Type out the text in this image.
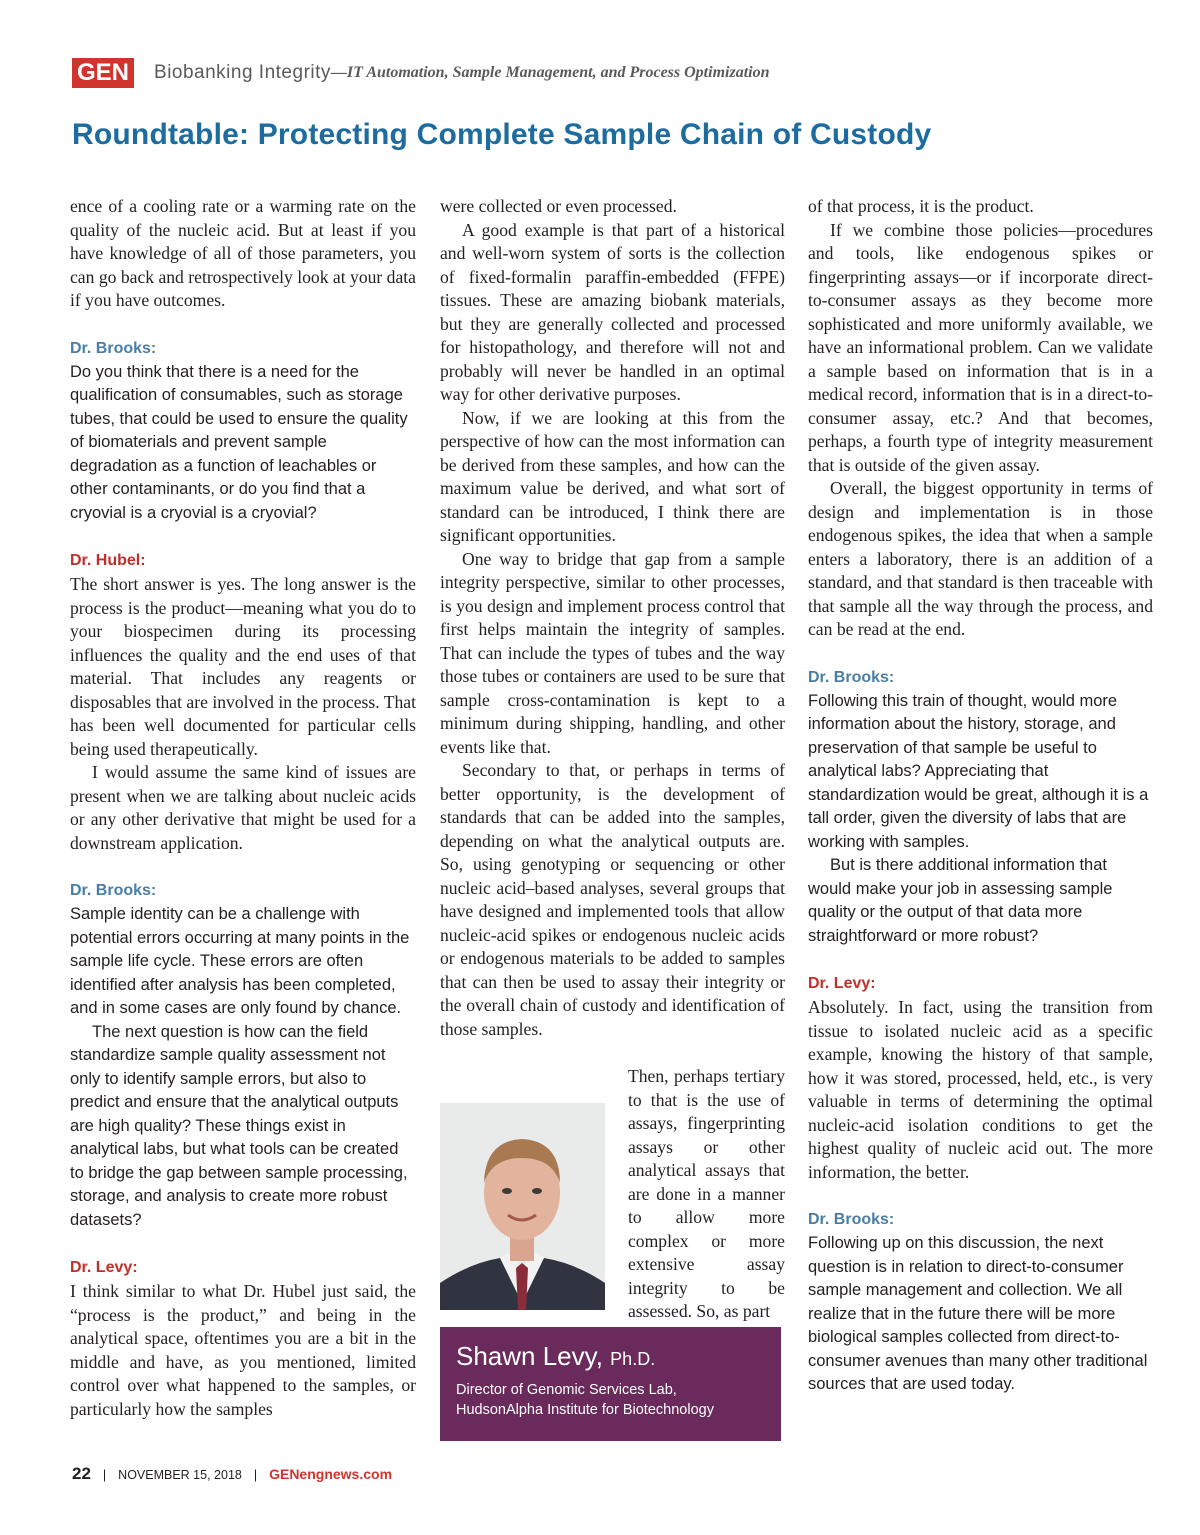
GEN Biobanking Integrity —IT Automation, Sample Management, and Process Optimization
Roundtable: Protecting Complete Sample Chain of Custody

ence of a cooling rate or a warming rate on the quality of the nucleic acid. But at least if you have knowledge of all of those parameters, you can go back and retrospectively look at your data if you have outcomes.

Dr. Brooks:

Do you think that there is a need for the qualification of consumables, such as storage tubes, that could be used to ensure the quality of biomaterials and prevent sample degradation as a function of leachables or other contaminants, or do you find that a cryovial is a cryovial is a cryovial?

Dr. Hubel:

The short answer is yes. The long answer is the process is the product—meaning what you do to your biospecimen during its processing influences the quality and the end uses of that material. That includes any reagents or disposables that are involved in the process. That has been well documented for particular cells being used therapeutically.

I would assume the same kind of issues are present when we are talking about nucleic acids or any other derivative that might be used for a downstream application.

Dr. Brooks:

Sample identity can be a challenge with potential errors occurring at many points in the sample life cycle. These errors are often identified after analysis has been completed, and in some cases are only found by chance.

The next question is how can the field standardize sample quality assessment not only to identify sample errors, but also to predict and ensure that the analytical outputs are high quality? These things exist in analytical labs, but what tools can be created to bridge the gap between sample processing, storage, and analysis to create more robust datasets?

Dr. Levy:

I think similar to what Dr. Hubel just said, the “process is the product,” and being in the analytical space, oftentimes you are a bit in the middle and have, as you mentioned, limited control over what happened to the samples, or particularly how the samples

were collected or even processed.

A good example is that part of a historical and well-worn system of sorts is the collection of fixed-formalin paraffin-embedded (FFPE) tissues. These are amazing biobank materials, but they are generally collected and processed for histopathology, and therefore will not and probably will never be handled in an optimal way for other derivative purposes.

Now, if we are looking at this from the perspective of how can the most information can be derived from these samples, and how can the maximum value be derived, and what sort of standard can be introduced, I think there are significant opportunities.

One way to bridge that gap from a sample integrity perspective, similar to other processes, is you design and implement process control that first helps maintain the integrity of samples. That can include the types of tubes and the way those tubes or containers are used to be sure that sample cross-contamination is kept to a minimum during shipping, handling, and other events like that.

Secondary to that, or perhaps in terms of better opportunity, is the development of standards that can be added into the samples, depending on what the analytical outputs are. So, using genotyping or sequencing or other nucleic acid–based analyses, several groups that have designed and implemented tools that allow nucleic-acid spikes or endogenous nucleic acids or endogenous materials to be added to samples that can then be used to assay their integrity or the overall chain of custody and identification of those samples.

Then, perhaps tertiary to that is the use of assays, fingerprinting assays or other analytical assays that are done in a manner to allow more complex or more extensive assay integrity to be assessed. So, as part

Shawn Levy, Ph.D.
Director of Genomic Services Lab,
HudsonAlpha Institute for Biotechnology

of that process, it is the product.

If we combine those policies—procedures and tools, like endogenous spikes or fingerprinting assays—or if incorporate direct-to-consumer assays as they become more sophisticated and more uniformly available, we have an informational problem. Can we validate a sample based on information that is in a medical record, information that is in a direct-to-consumer assay, etc.? And that becomes, perhaps, a fourth type of integrity measurement that is outside of the given assay.

Overall, the biggest opportunity in terms of design and implementation is in those endogenous spikes, the idea that when a sample enters a laboratory, there is an addition of a standard, and that standard is then traceable with that sample all the way through the process, and can be read at the end.

Dr. Brooks:

Following this train of thought, would more information about the history, storage, and preservation of that sample be useful to analytical labs? Appreciating that standardization would be great, although it is a tall order, given the diversity of labs that are working with samples.

But is there additional information that would make your job in assessing sample quality or the output of that data more straightforward or more robust?

Dr. Levy:

Absolutely. In fact, using the transition from tissue to isolated nucleic acid as a specific example, knowing the history of that sample, how it was stored, processed, held, etc., is very valuable in terms of determining the optimal nucleic-acid isolation conditions to get the highest quality of nucleic acid out. The more information, the better.

Dr. Brooks:

Following up on this discussion, the next question is in relation to direct-to-consumer sample management and collection. We all realize that in the future there will be more biological samples collected from direct-to-consumer avenues than many other traditional sources that are used today.

22 | NOVEMBER 15, 2018 | GENengnews.com
